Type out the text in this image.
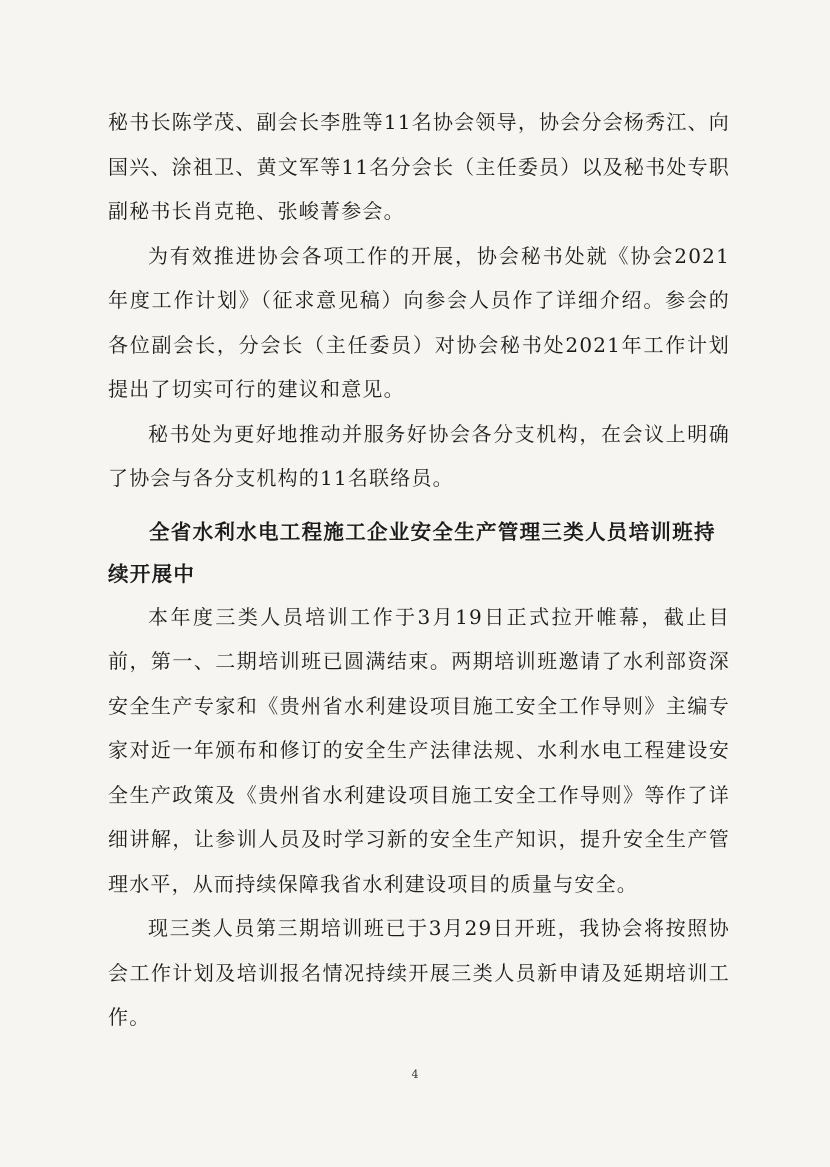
秘书长陈学茂、副会长李胜等11名协会领导，协会分会杨秀江、向国兴、涂祖卫、黄文军等11名分会长（主任委员）以及秘书处专职副秘书长肖克艳、张峻菁参会。

为有效推进协会各项工作的开展，协会秘书处就《协会2021年度工作计划》（征求意见稿）向参会人员作了详细介绍。参会的各位副会长，分会长（主任委员）对协会秘书处2021年工作计划提出了切实可行的建议和意见。

秘书处为更好地推动并服务好协会各分支机构，在会议上明确了协会与各分支机构的11名联络员。

全省水利水电工程施工企业安全生产管理三类人员培训班持续开展中

本年度三类人员培训工作于3月19日正式拉开帷幕，截止目前，第一、二期培训班已圆满结束。两期培训班邀请了水利部资深安全生产专家和《贵州省水利建设项目施工安全工作导则》主编专家对近一年颁布和修订的安全生产法律法规、水利水电工程建设安全生产政策及《贵州省水利建设项目施工安全工作导则》等作了详细讲解，让参训人员及时学习新的安全生产知识，提升安全生产管理水平，从而持续保障我省水利建设项目的质量与安全。

现三类人员第三期培训班已于3月29日开班，我协会将按照协会工作计划及培训报名情况持续开展三类人员新申请及延期培训工作。

4
